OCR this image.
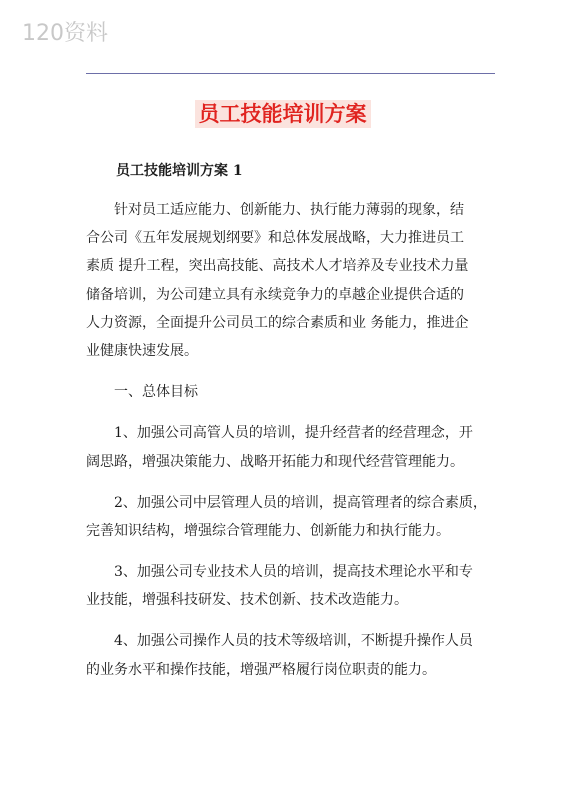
120资料
员工技能培训方案
员工技能培训方案 1

　　针对员工适应能力、创新能力、执行能力薄弱的现象，结
合公司《五年发展规划纲要》和总体发展战略，大力推进员工
素质 提升工程，突出高技能、高技术人才培养及专业技术力量
储备培训，为公司建立具有永续竞争力的卓越企业提供合适的
人力资源，全面提升公司员工的综合素质和业 务能力，推进企
业健康快速发展。

　　一、总体目标

　　1、加强公司高管人员的培训，提升经营者的经营理念，开
阔思路，增强决策能力、战略开拓能力和现代经营管理能力。

　　2、加强公司中层管理人员的培训，提高管理者的综合素质，
完善知识结构，增强综合管理能力、创新能力和执行能力。

　　3、加强公司专业技术人员的培训，提高技术理论水平和专
业技能，增强科技研发、技术创新、技术改造能力。

　　4、加强公司操作人员的技术等级培训，不断提升操作人员
的业务水平和操作技能，增强严格履行岗位职责的能力。
